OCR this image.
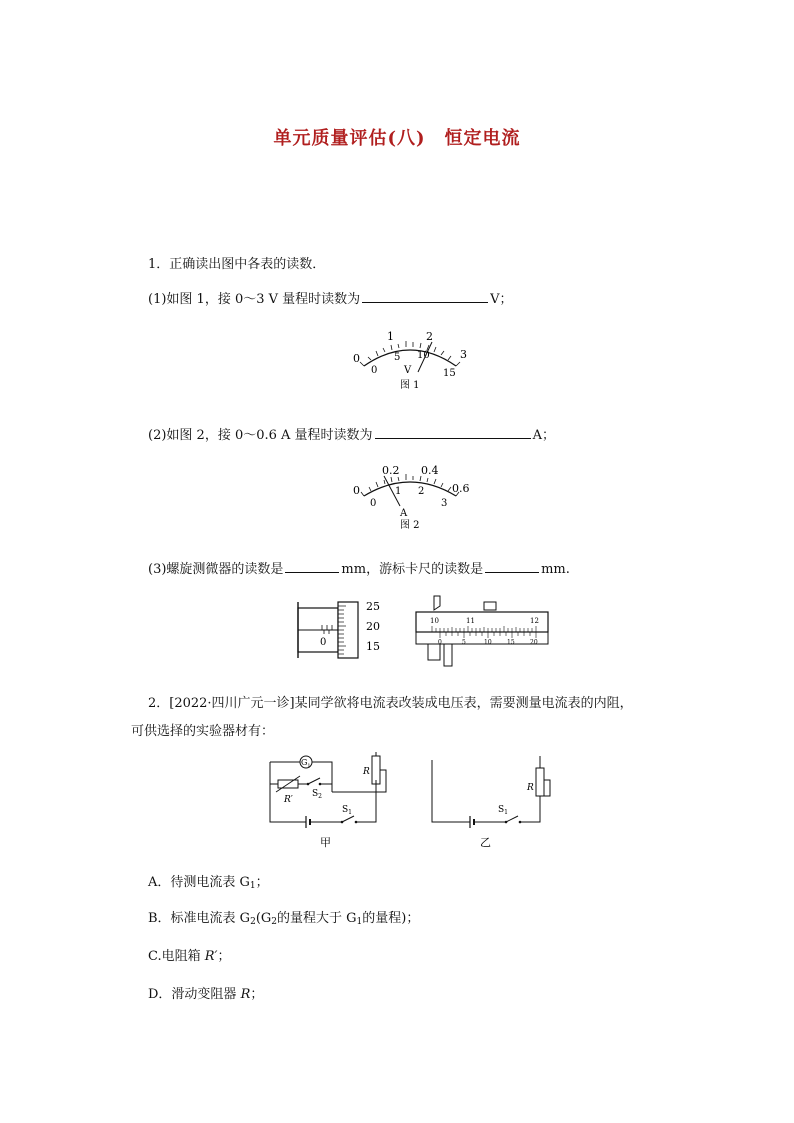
单元质量评估(八)　恒定电流
1．正确读出图中各表的读数．
(1)如图 1，接 0～3 V 量程时读数为	V；
0
1	2
3
0
5 10
15
V
图 1
(2)如图 2，接 0～0.6 A 量程时读数为	A；
0
0.2 0.4
0.6
0
1 2
3
A
图 2
(3)螺旋测微器的读数是	mm，游标卡尺的读数是	mm.
25
20
15
0
10	11	12
0	5	10	15	20
2．[2022·四川广元一诊]某同学欲将电流表改装成电压表，需要测量电流表的内阻，
可供选择的实验器材有：
$G_1$
R′
$S_2$
$S_1$
R
甲
$S_1$
R
乙
A．待测电流表 $G_1$；
B．标准电流表 $G_2(G_2$的量程大于 $G_1$的量程)；
C.电阻箱 R′；
D．滑动变阻器 R；
